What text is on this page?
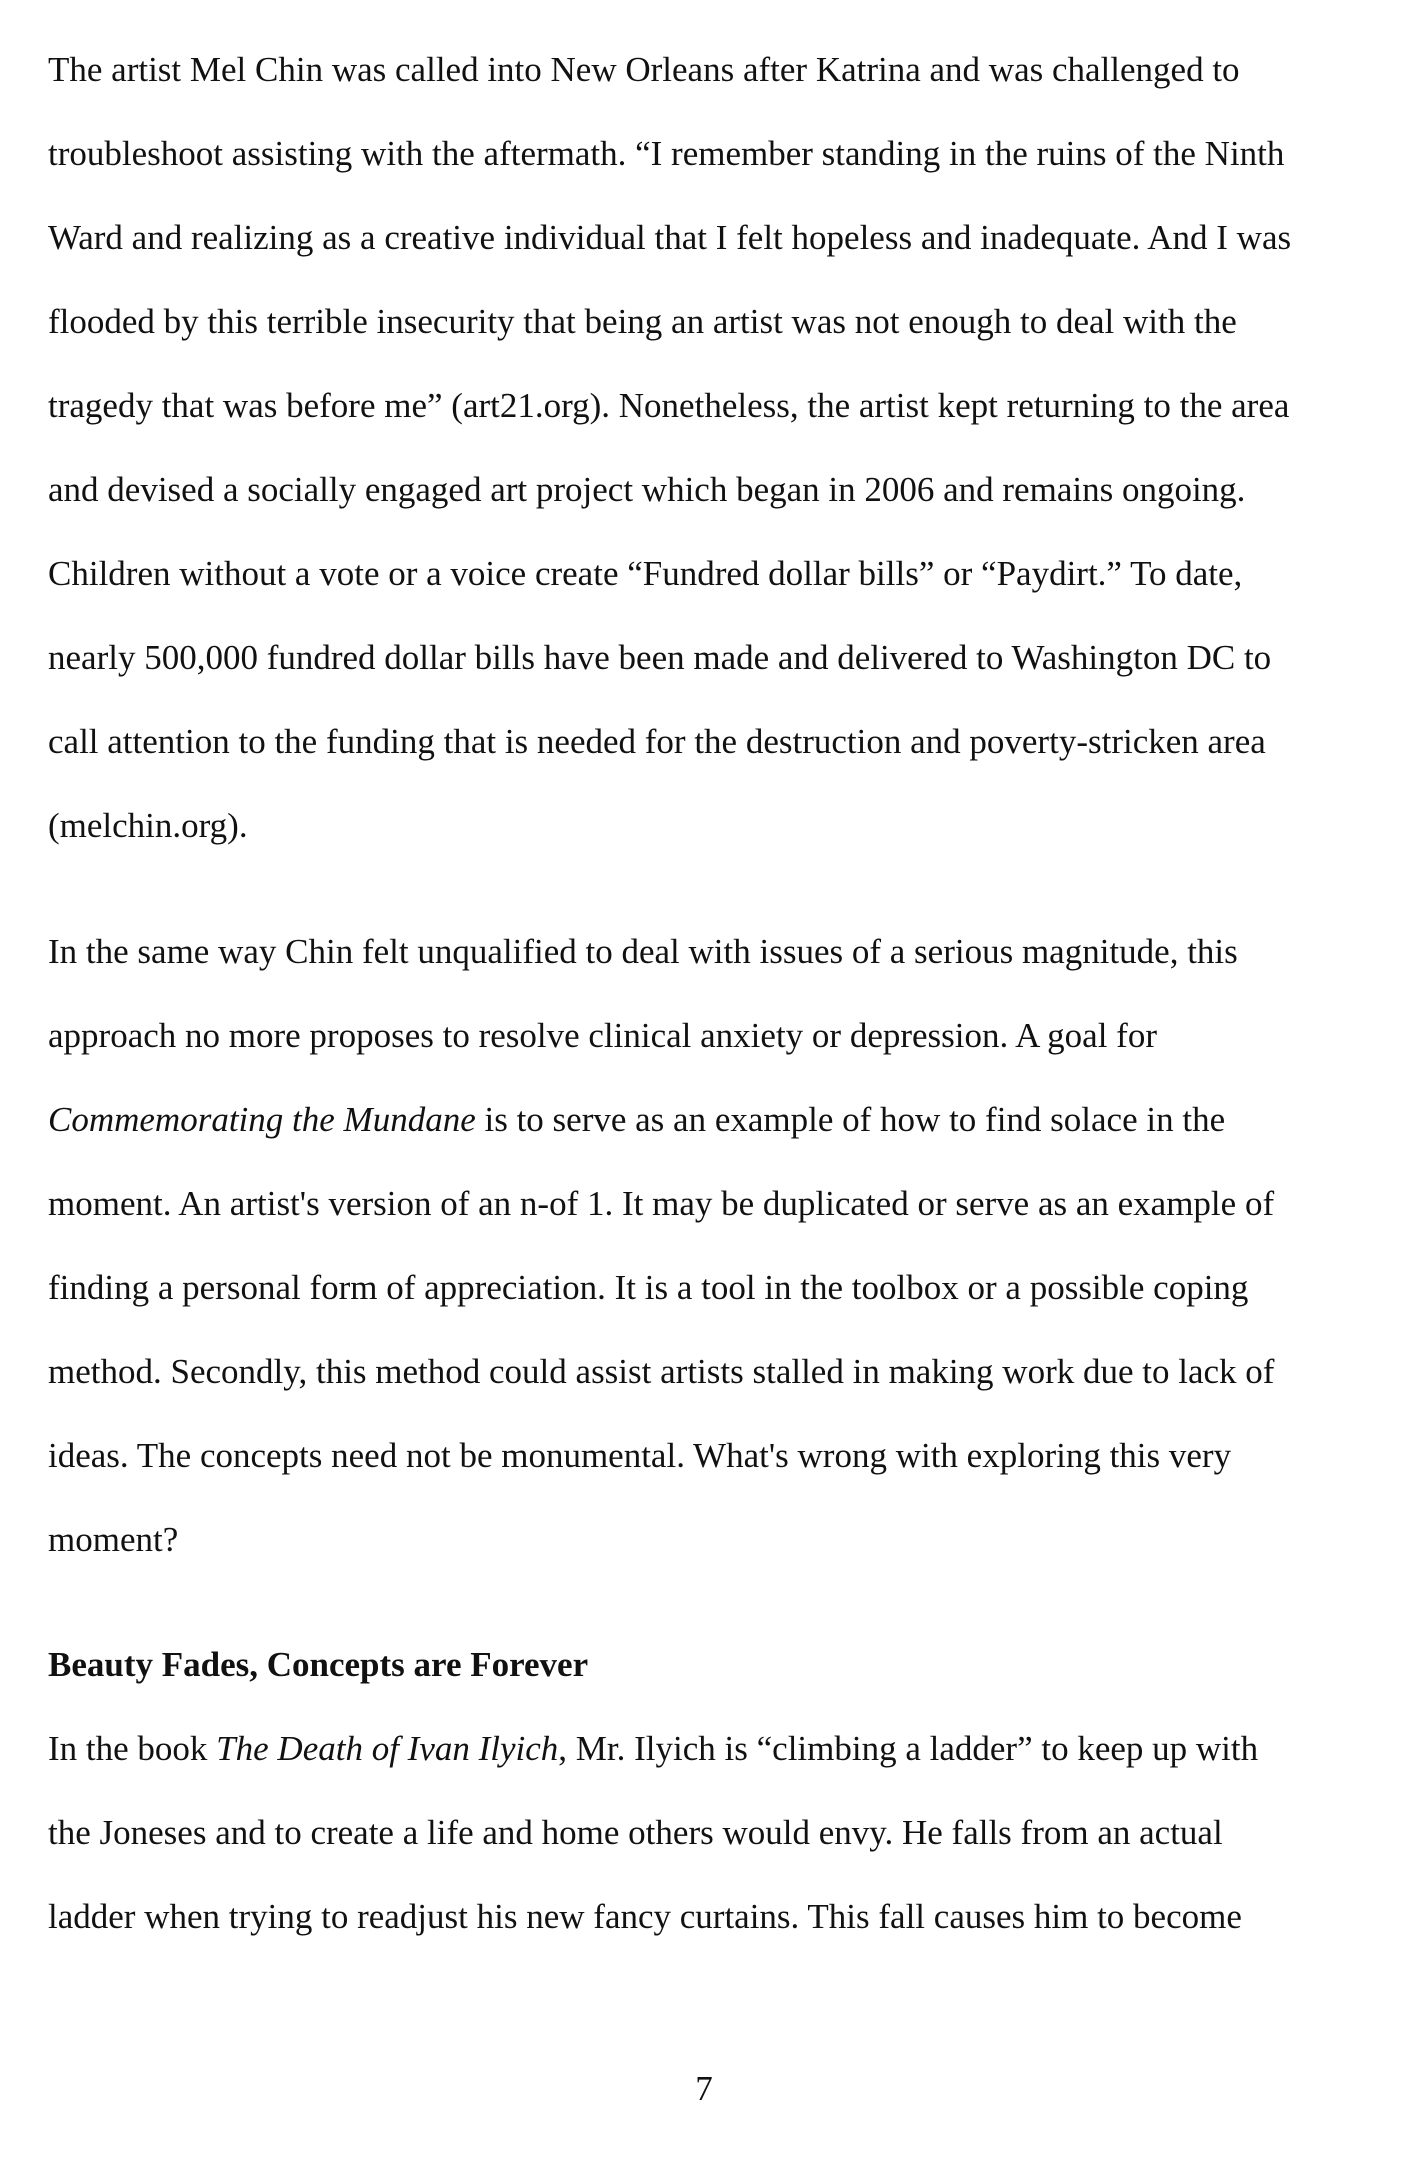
The artist Mel Chin was called into New Orleans after Katrina and was challenged to
troubleshoot assisting with the aftermath. “I remember standing in the ruins of the Ninth
Ward and realizing as a creative individual that I felt hopeless and inadequate. And I was
flooded by this terrible insecurity that being an artist was not enough to deal with the
tragedy that was before me” (art21.org). Nonetheless, the artist kept returning to the area
and devised a socially engaged art project which began in 2006 and remains ongoing.
Children without a vote or a voice create “Fundred dollar bills” or “Paydirt.” To date,
nearly 500,000 fundred dollar bills have been made and delivered to Washington DC to
call attention to the funding that is needed for the destruction and poverty-stricken area
(melchin.org).
In the same way Chin felt unqualified to deal with issues of a serious magnitude, this
approach no more proposes to resolve clinical anxiety or depression. A goal for
Commemorating the Mundane is to serve as an example of how to find solace in the
moment. An artist's version of an n-of 1. It may be duplicated or serve as an example of
finding a personal form of appreciation. It is a tool in the toolbox or a possible coping
method. Secondly, this method could assist artists stalled in making work due to lack of
ideas. The concepts need not be monumental. What's wrong with exploring this very
moment?
Beauty Fades, Concepts are Forever
In the book The Death of Ivan Ilyich, Mr. Ilyich is “climbing a ladder” to keep up with
the Joneses and to create a life and home others would envy. He falls from an actual
ladder when trying to readjust his new fancy curtains. This fall causes him to become
7
